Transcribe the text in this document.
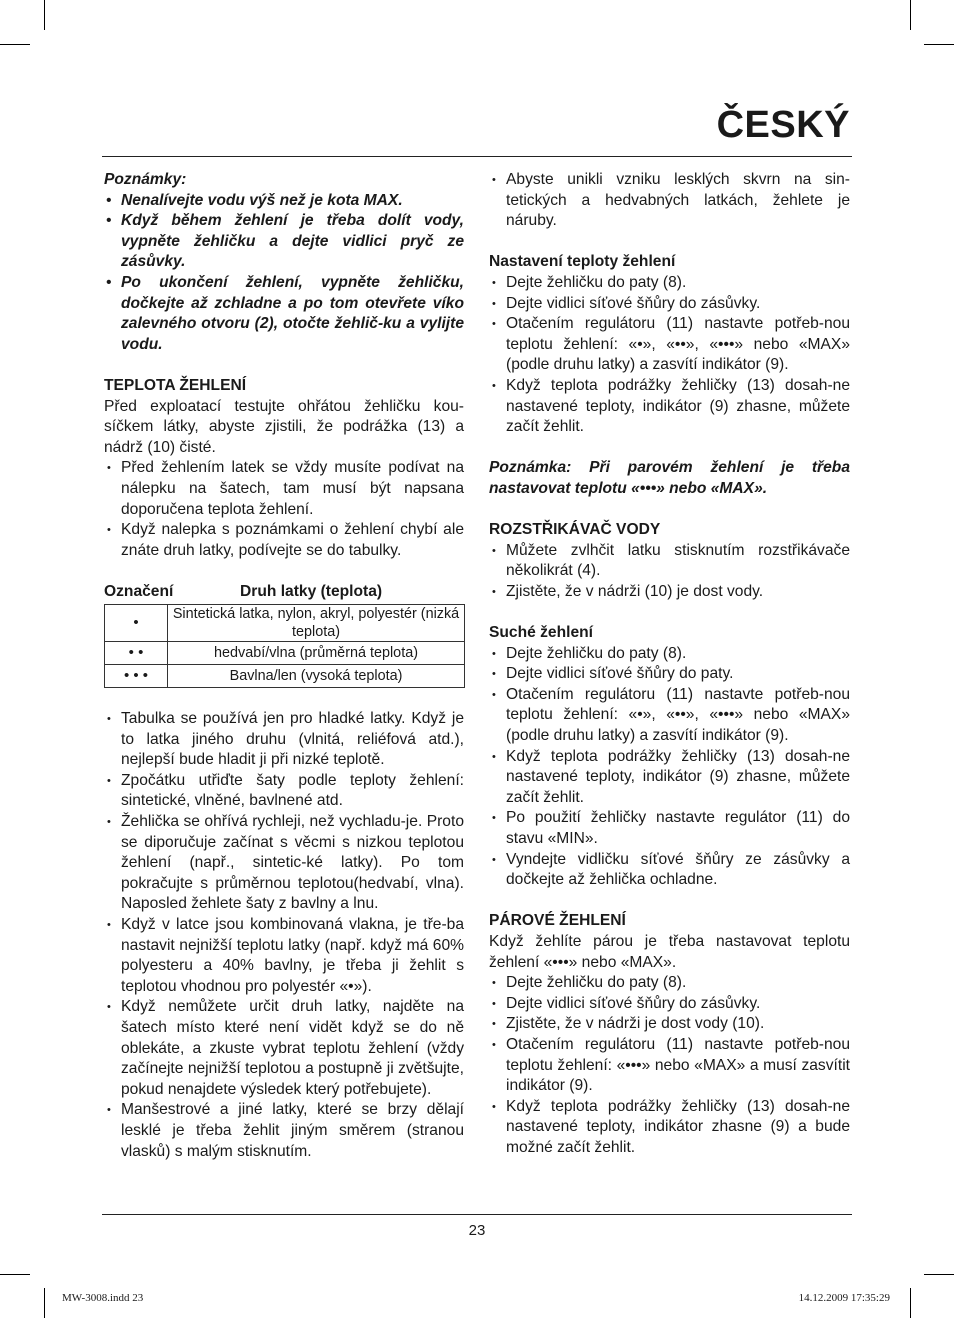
ČESKÝ

Poznámky:

• Nenalívejte vodu výš než je kota MAX.
• Když během žehlení je třeba dolít vody, vypněte žehličku a dejte vidlici pryč ze zásůvky.
• Po ukončení žehlení, vypněte žehličku, dočkejte až zchladne a po tom otevřete víko zalevného otvoru (2), otočte žehlič-ku a vylijte vodu.

TEPLOTA ŽEHLENÍ

Před exploatací testujte ohřátou žehličku kou-síčkem látky, abyste zjistili, že podrážka (13) a nádrž (10) čisté.

• Před žehlením latek se vždy musíte podívat na nálepku na šatech, tam musí být napsana doporučena teplota žehlení.
• Když nalepka s poznámkami o žehlení chybí ale znáte druh latky, podívejte se do tabulky.
Označení	Druh latky (teplota)
•	Sintetická latka, nylon, akryl, polyestér (nizká teplota)
• •	hedvabí/vlna (průměrná teplota)
• • •	Bavlna/len (vysoká teplota)
• Tabulka se používá jen pro hladké latky. Když je to latka jiného druhu (vlnitá, reliéfová atd.), nejlepší bude hladit ji při nizké teplotě.
• Zpočátku utřiďte šaty podle teploty žehlení: sintetické, vlněné, bavlnené atd.
• Žehlička se ohřívá rychleji, než vychladu-je. Proto se diporučuje začínat s věcmi s nizkou teplotou žehlení (např., sintetic-ké latky). Po tom pokračujte s průměrnou teplotou(hedvabí, vlna). Naposled žehlete šaty z bavlny a lnu.
• Když v latce jsou kombinovaná vlakna, je tře-ba nastavit nejnižší teplotu latky (např. když má 60% polyesteru a 40% bavlny, je třeba ji žehlit s teplotou vhodnou pro polyestér «•»).
• Když nemůžete určit druh latky, najděte na šatech místo které není vidět když se do ně oblekáte, a zkuste vybrat teplotu žehlení (vždy začínejte nejnižší teplotou a postupně ji zvětšujte, pokud nenajdete výsledek který potřebujete).
• Manšestrové a jiné latky, které se brzy dělají lesklé je třeba žehlit jiným směrem (stranou vlasků) s malým stisknutím.
• Abyste unikli vzniku lesklých skvrn na sin-tetických a hedvabných latkách, žehlete je náruby.

Nastavení teploty žehlení

• Dejte žehličku do paty (8).
• Dejte vidlici síťové šňůry do zásůvky.
• Otačením regulátoru (11) nastavte potřeb-nou teplotu žehlení: «•», «••», «•••» nebo «MAX» (podle druhu latky) a zasvítí indikátor (9).
• Když teplota podrážky žehličky (13) dosah-ne nastavené teploty, indikátor (9) zhasne, můžete začít žehlit.

Poznámka: Při parovém žehlení je třeba nastavovat teplotu «•••» nebo «MAX».

ROZSTŘIKÁVAČ VODY

• Můžete zvlhčit latku stisknutím rozstřikávače několikrát (4).
• Zjistěte, že v nádrži (10) je dost vody.

Suché žehlení

• Dejte žehličku do paty (8).
• Dejte vidlici síťové šňůry do paty.
• Otačením regulátoru (11) nastavte potřeb-nou teplotu žehlení: «•», «••», «•••» nebo «MAX» (podle druhu latky) a zasvítí indikátor (9).
• Když teplota podrážky žehličky (13) dosah-ne nastavené teploty, indikátor (9) zhasne, můžete začít žehlit.
• Po použití žehličky nastavte regulátor (11) do stavu «MIN».
• Vyndejte vidličku síťové šňůry ze zásůvky a dočkejte až žehlička ochladne.

PÁROVÉ ŽEHLENÍ

Když žehlíte párou je třeba nastavovat teplotu žehlení «•••» nebo «MAX».

• Dejte žehličku do paty (8).
• Dejte vidlici síťové šňůry do zásůvky.
• Zjistěte, že v nádrži je dost vody (10).
• Otačením regulátoru (11) nastavte potřeb-nou teplotu žehlení: «•••» nebo «MAX» a musí zasvítit indikátor (9).
• Když teplota podrážky žehličky (13) dosah-ne nastavené teploty, indikátor zhasne (9) a bude možné začít žehlit.
23
MW-3008.indd 23	14.12.2009 17:35:29
